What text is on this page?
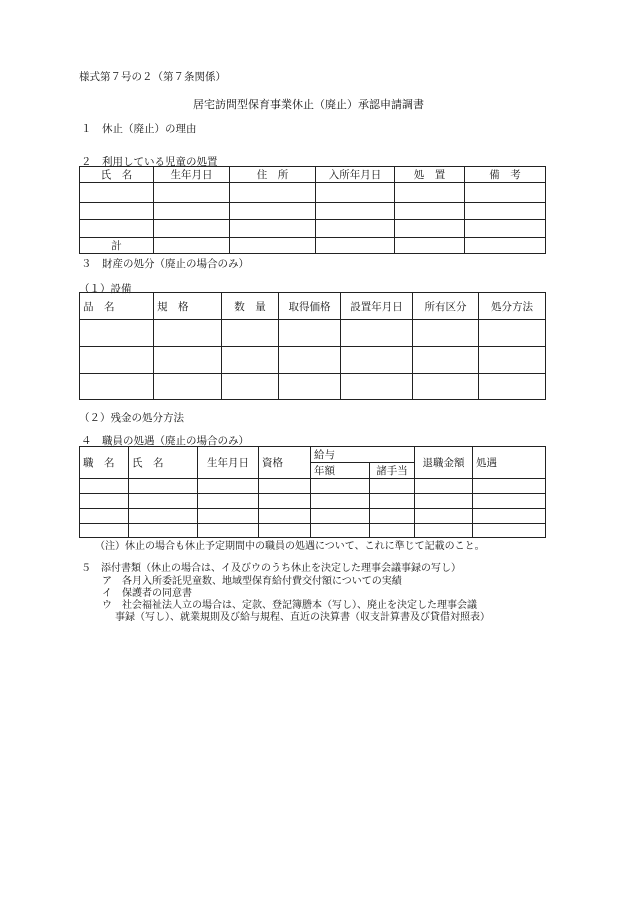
様式第７号の２（第７条関係）
居宅訪問型保育事業休止（廃止）承認申請調書
１　休止（廃止）の理由
２　利用している児童の処置
氏　名	生年月日	住　所	入所年月日	処　置	備　考

計					
３　財産の処分（廃止の場合のみ）
（１）設備
品　名	規　格	数　量	取得価格	設置年月日	所有区分	処分方法

（２）残金の処分方法
４　職員の処遇（廃止の場合のみ）
職　名	氏　名	生年月日	資格	給与		退職金額	処遇
				年額	諸手当		

（注）休止の場合も休止予定期間中の職員の処遇について、これに準じて記載のこと。
５　添付書類（休止の場合は、イ及びウのうち休止を決定した理事会議事録の写し）
ア　各月入所委託児童数、地域型保育給付費交付額についての実績
イ　保護者の同意書
ウ　社会福祉法人立の場合は、定款、登記簿謄本（写し）、廃止を決定した理事会議
事録（写し）、就業規則及び給与規程、直近の決算書（収支計算書及び貸借対照表）
